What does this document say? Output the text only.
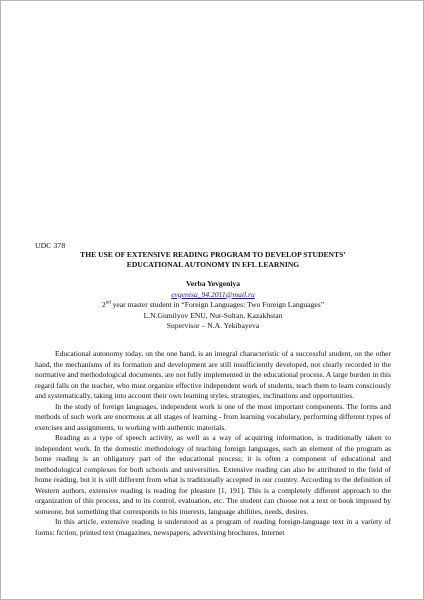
UDC 378
THE USE OF EXTENSIVE READING PROGRAM TO DEVELOP STUDENTS’
EDUCATIONAL AUTONOMY IN EFL LEARNING
Verba Yevgeniya
evgenisa_94.2011@mail.ru
2nd year master student in “Foreign Languages: Two Foreign Languages”
L.N.Gumilyov ENU, Nur-Sultan, Kazakhstan
Supervisor – N.A. Yekibayeva

Educational autonomy today, on the one hand, is an integral characteristic of a successful student, on the other hand, the mechanisms of its formation and development are still insufficiently developed, not clearly recorded in the normative and methodological documents, are not fully implemented in the educational process. A large burden in this regard falls on the teacher, who must organize effective independent work of students, teach them to learn consciously and systematically, taking into account their own learning styles, strategies, inclinations and opportunities.

In the study of foreign languages, independent work is one of the most important components. The forms and methods of such work are enormous at all stages of learning - from learning vocabulary, performing different types of exercises and assignments, to working with authentic materials.

Reading as a type of speech activity, as well as a way of acquiring information, is traditionally taken to independent work. In the domestic methodology of teaching foreign languages, such an element of the program as home reading is an obligatory part of the educational process; it is often a component of educational and methodological complexes for both schools and universities. Extensive reading can also be attributed to the field of home reading, but it is still different from what is traditionally accepted in our country. According to the definition of Western authors, extensive reading is reading for pleasure [1, 191]. This is a completely different approach to the organization of this process, and to its control, evaluation, etc. The student can choose not a text or book imposed by someone, but something that corresponds to his interests, language abilities, needs, desires.

In this article, extensive reading is understood as a program of reading foreign-language text in a variety of forms: fiction, printed text (magazines, newspapers, advertising brochures, Internet
